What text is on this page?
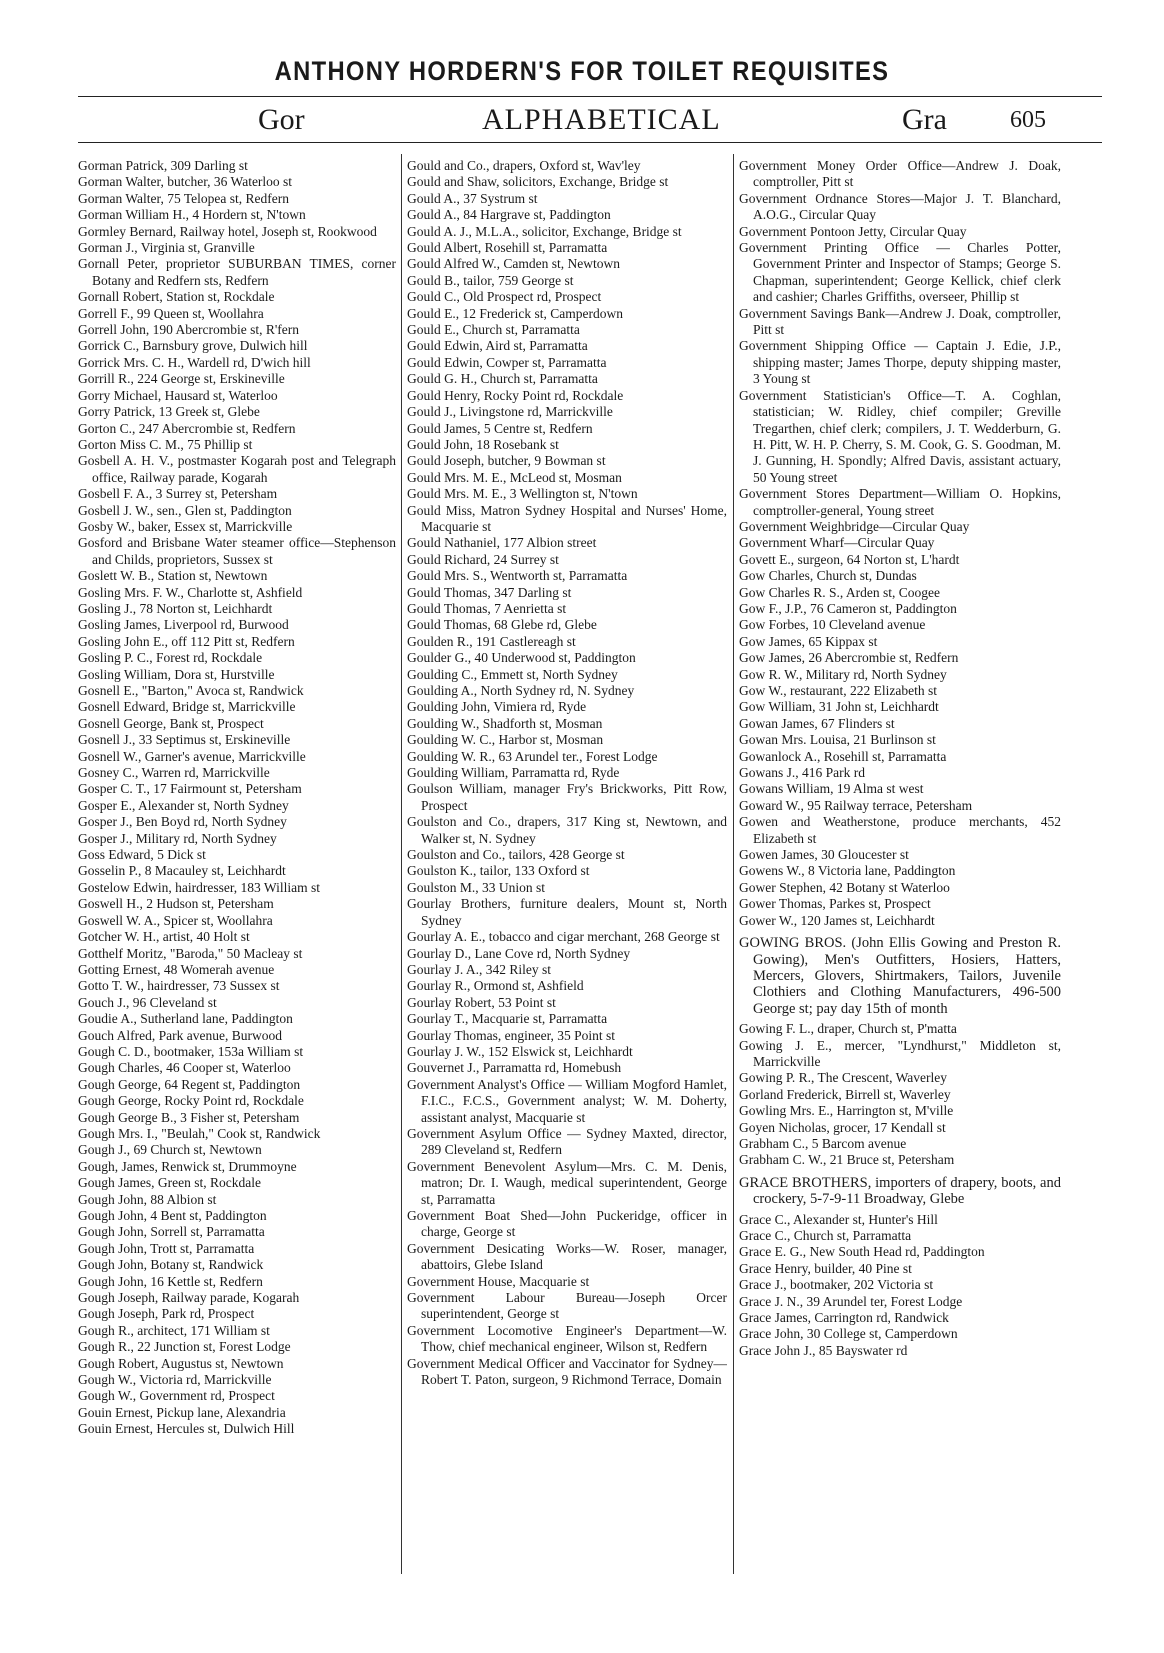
ANTHONY HORDERN'S FOR TOILET REQUISITES
Gor	ALPHABETICAL	Gra	605

Gorman Patrick, 309 Darling st

Gorman Walter, butcher, 36 Waterloo st

Gorman Walter, 75 Telopea st, Redfern

Gorman William H., 4 Hordern st, N'town

Gormley Bernard, Railway hotel, Joseph st, Rookwood

Gorman J., Virginia st, Granville

Gornall Peter, proprietor SUBURBAN TIMES, corner Botany and Redfern sts, Redfern

Gornall Robert, Station st, Rockdale

Gorrell F., 99 Queen st, Woollahra

Gorrell John, 190 Abercrombie st, R'fern

Gorrick C., Barnsbury grove, Dulwich hill

Gorrick Mrs. C. H., Wardell rd, D'wich hill

Gorrill R., 224 George st, Erskineville

Gorry Michael, Hausard st, Waterloo

Gorry Patrick, 13 Greek st, Glebe

Gorton C., 247 Abercrombie st, Redfern

Gorton Miss C. M., 75 Phillip st

Gosbell A. H. V., postmaster Kogarah post and Telegraph office, Railway parade, Kogarah

Gosbell F. A., 3 Surrey st, Petersham

Gosbell J. W., sen., Glen st, Paddington

Gosby W., baker, Essex st, Marrickville

Gosford and Brisbane Water steamer office—Stephenson and Childs, proprietors, Sussex st

Goslett W. B., Station st, Newtown

Gosling Mrs. F. W., Charlotte st, Ashfield

Gosling J., 78 Norton st, Leichhardt

Gosling James, Liverpool rd, Burwood

Gosling John E., off 112 Pitt st, Redfern

Gosling P. C., Forest rd, Rockdale

Gosling William, Dora st, Hurstville

Gosnell E., "Barton," Avoca st, Randwick

Gosnell Edward, Bridge st, Marrickville

Gosnell George, Bank st, Prospect

Gosnell J., 33 Septimus st, Erskineville

Gosnell W., Garner's avenue, Marrickville

Gosney C., Warren rd, Marrickville

Gosper C. T., 17 Fairmount st, Petersham

Gosper E., Alexander st, North Sydney

Gosper J., Ben Boyd rd, North Sydney

Gosper J., Military rd, North Sydney

Goss Edward, 5 Dick st

Gosselin P., 8 Macauley st, Leichhardt

Gostelow Edwin, hairdresser, 183 William st

Goswell H., 2 Hudson st, Petersham

Goswell W. A., Spicer st, Woollahra

Gotcher W. H., artist, 40 Holt st

Gotthelf Moritz, "Baroda," 50 Macleay st

Gotting Ernest, 48 Womerah avenue

Gotto T. W., hairdresser, 73 Sussex st

Gouch J., 96 Cleveland st

Goudie A., Sutherland lane, Paddington

Gouch Alfred, Park avenue, Burwood

Gough C. D., bootmaker, 153a William st

Gough Charles, 46 Cooper st, Waterloo

Gough George, 64 Regent st, Paddington

Gough George, Rocky Point rd, Rockdale

Gough George B., 3 Fisher st, Petersham

Gough Mrs. I., "Beulah," Cook st, Randwick

Gough J., 69 Church st, Newtown

Gough, James, Renwick st, Drummoyne

Gough James, Green st, Rockdale

Gough John, 88 Albion st

Gough John, 4 Bent st, Paddington

Gough John, Sorrell st, Parramatta

Gough John, Trott st, Parramatta

Gough John, Botany st, Randwick

Gough John, 16 Kettle st, Redfern

Gough Joseph, Railway parade, Kogarah

Gough Joseph, Park rd, Prospect

Gough R., architect, 171 William st

Gough R., 22 Junction st, Forest Lodge

Gough Robert, Augustus st, Newtown

Gough W., Victoria rd, Marrickville

Gough W., Government rd, Prospect

Gouin Ernest, Pickup lane, Alexandria

Gouin Ernest, Hercules st, Dulwich Hill

Gould and Co., drapers, Oxford st, Wav'ley

Gould and Shaw, solicitors, Exchange, Bridge st

Gould A., 37 Systrum st

Gould A., 84 Hargrave st, Paddington

Gould A. J., M.L.A., solicitor, Exchange, Bridge st

Gould Albert, Rosehill st, Parramatta

Gould Alfred W., Camden st, Newtown

Gould B., tailor, 759 George st

Gould C., Old Prospect rd, Prospect

Gould E., 12 Frederick st, Camperdown

Gould E., Church st, Parramatta

Gould Edwin, Aird st, Parramatta

Gould Edwin, Cowper st, Parramatta

Gould G. H., Church st, Parramatta

Gould Henry, Rocky Point rd, Rockdale

Gould J., Livingstone rd, Marrickville

Gould James, 5 Centre st, Redfern

Gould John, 18 Rosebank st

Gould Joseph, butcher, 9 Bowman st

Gould Mrs. M. E., McLeod st, Mosman

Gould Mrs. M. E., 3 Wellington st, N'town

Gould Miss, Matron Sydney Hospital and Nurses' Home, Macquarie st

Gould Nathaniel, 177 Albion street

Gould Richard, 24 Surrey st

Gould Mrs. S., Wentworth st, Parramatta

Gould Thomas, 347 Darling st

Gould Thomas, 7 Aenrietta st

Gould Thomas, 68 Glebe rd, Glebe

Goulden R., 191 Castlereagh st

Goulder G., 40 Underwood st, Paddington

Goulding C., Emmett st, North Sydney

Goulding A., North Sydney rd, N. Sydney

Goulding John, Vimiera rd, Ryde

Goulding W., Shadforth st, Mosman

Goulding W. C., Harbor st, Mosman

Goulding W. R., 63 Arundel ter., Forest Lodge

Goulding William, Parramatta rd, Ryde

Goulson William, manager Fry's Brickworks, Pitt Row, Prospect

Goulston and Co., drapers, 317 King st, Newtown, and Walker st, N. Sydney

Goulston and Co., tailors, 428 George st

Goulston K., tailor, 133 Oxford st

Goulston M., 33 Union st

Gourlay Brothers, furniture dealers, Mount st, North Sydney

Gourlay A. E., tobacco and cigar merchant, 268 George st

Gourlay D., Lane Cove rd, North Sydney

Gourlay J. A., 342 Riley st

Gourlay R., Ormond st, Ashfield

Gourlay Robert, 53 Point st

Gourlay T., Macquarie st, Parramatta

Gourlay Thomas, engineer, 35 Point st

Gourlay J. W., 152 Elswick st, Leichhardt

Gouvernet J., Parramatta rd, Homebush

Government Analyst's Office — William Mogford Hamlet, F.I.C., F.C.S., Government analyst; W. M. Doherty, assistant analyst, Macquarie st

Government Asylum Office — Sydney Maxted, director, 289 Cleveland st, Redfern

Government Benevolent Asylum—Mrs. C. M. Denis, matron; Dr. I. Waugh, medical superintendent, George st, Parramatta

Government Boat Shed—John Puckeridge, officer in charge, George st

Government Desicating Works—W. Roser, manager, abattoirs, Glebe Island

Government House, Macquarie st

Government Labour Bureau—Joseph Orcer superintendent, George st

Government Locomotive Engineer's Department—W. Thow, chief mechanical engineer, Wilson st, Redfern

Government Medical Officer and Vaccinator for Sydney—Robert T. Paton, surgeon, 9 Richmond Terrace, Domain

Government Money Order Office—Andrew J. Doak, comptroller, Pitt st

Government Ordnance Stores—Major J. T. Blanchard, A.O.G., Circular Quay

Government Pontoon Jetty, Circular Quay

Government Printing Office — Charles Potter, Government Printer and Inspector of Stamps; George S. Chapman, superintendent; George Kellick, chief clerk and cashier; Charles Griffiths, overseer, Phillip st

Government Savings Bank—Andrew J. Doak, comptroller, Pitt st

Government Shipping Office — Captain J. Edie, J.P., shipping master; James Thorpe, deputy shipping master, 3 Young st

Government Statistician's Office—T. A. Coghlan, statistician; W. Ridley, chief compiler; Greville Tregarthen, chief clerk; compilers, J. T. Wedderburn, G. H. Pitt, W. H. P. Cherry, S. M. Cook, G. S. Goodman, M. J. Gunning, H. Spondly; Alfred Davis, assistant actuary, 50 Young street

Government Stores Department—William O. Hopkins, comptroller-general, Young street

Government Weighbridge—Circular Quay

Government Wharf—Circular Quay

Govett E., surgeon, 64 Norton st, L'hardt

Gow Charles, Church st, Dundas

Gow Charles R. S., Arden st, Coogee

Gow F., J.P., 76 Cameron st, Paddington

Gow Forbes, 10 Cleveland avenue

Gow James, 65 Kippax st

Gow James, 26 Abercrombie st, Redfern

Gow R. W., Military rd, North Sydney

Gow W., restaurant, 222 Elizabeth st

Gow William, 31 John st, Leichhardt

Gowan James, 67 Flinders st

Gowan Mrs. Louisa, 21 Burlinson st

Gowanlock A., Rosehill st, Parramatta

Gowans J., 416 Park rd

Gowans William, 19 Alma st west

Goward W., 95 Railway terrace, Petersham

Gowen and Weatherstone, produce merchants, 452 Elizabeth st

Gowen James, 30 Gloucester st

Gowens W., 8 Victoria lane, Paddington

Gower Stephen, 42 Botany st Waterloo

Gower Thomas, Parkes st, Prospect

Gower W., 120 James st, Leichhardt

GOWING BROS. (John Ellis Gowing and Preston R. Gowing), Men's Outfitters, Hosiers, Hatters, Mercers, Glovers, Shirtmakers, Tailors, Juvenile Clothiers and Clothing Manufacturers, 496-500 George st; pay day 15th of month

Gowing F. L., draper, Church st, P'matta

Gowing J. E., mercer, "Lyndhurst," Middleton st, Marrickville

Gowing P. R., The Crescent, Waverley

Gorland Frederick, Birrell st, Waverley

Gowling Mrs. E., Harrington st, M'ville

Goyen Nicholas, grocer, 17 Kendall st

Grabham C., 5 Barcom avenue

Grabham C. W., 21 Bruce st, Petersham

GRACE BROTHERS, importers of drapery, boots, and crockery, 5-7-9-11 Broadway, Glebe

Grace C., Alexander st, Hunter's Hill

Grace C., Church st, Parramatta

Grace E. G., New South Head rd, Paddington

Grace Henry, builder, 40 Pine st

Grace J., bootmaker, 202 Victoria st

Grace J. N., 39 Arundel ter, Forest Lodge

Grace James, Carrington rd, Randwick

Grace John, 30 College st, Camperdown

Grace John J., 85 Bayswater rd
